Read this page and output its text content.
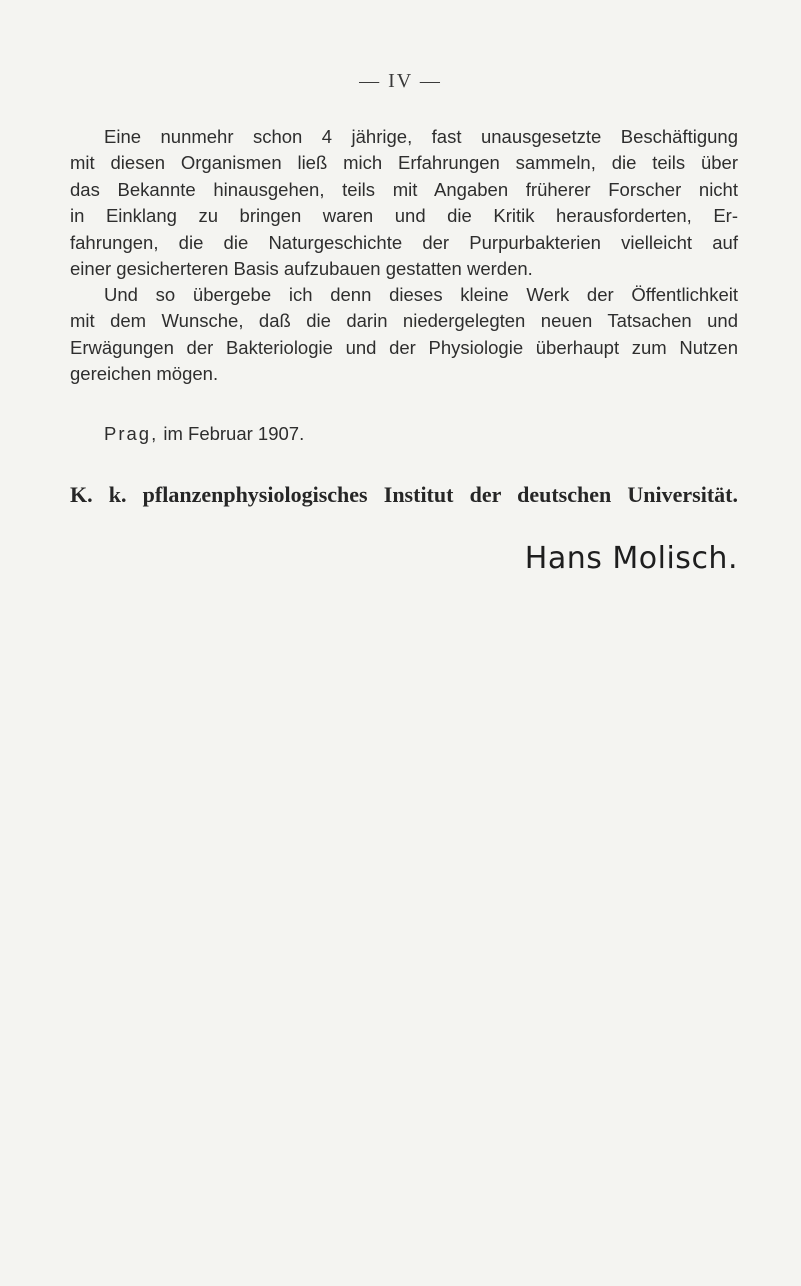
— IV —
Eine nunmehr schon 4 jährige, fast unausgesetzte Beschäftigung
mit diesen Organismen ließ mich Erfahrungen sammeln, die teils über
das Bekannte hinausgehen, teils mit Angaben früherer Forscher nicht
in Einklang zu bringen waren und die Kritik herausforderten, Er-
fahrungen, die die Naturgeschichte der Purpurbakterien vielleicht auf
einer gesicherteren Basis aufzubauen gestatten werden.
Und so übergebe ich denn dieses kleine Werk der Öffentlichkeit
mit dem Wunsche, daß die darin niedergelegten neuen Tatsachen und
Erwägungen der Bakteriologie und der Physiologie überhaupt zum Nutzen
gereichen mögen.
Prag, im Februar 1907.
K. k. pflanzenphysiologisches Institut der deutschen Universität.
Hans Molisch.
